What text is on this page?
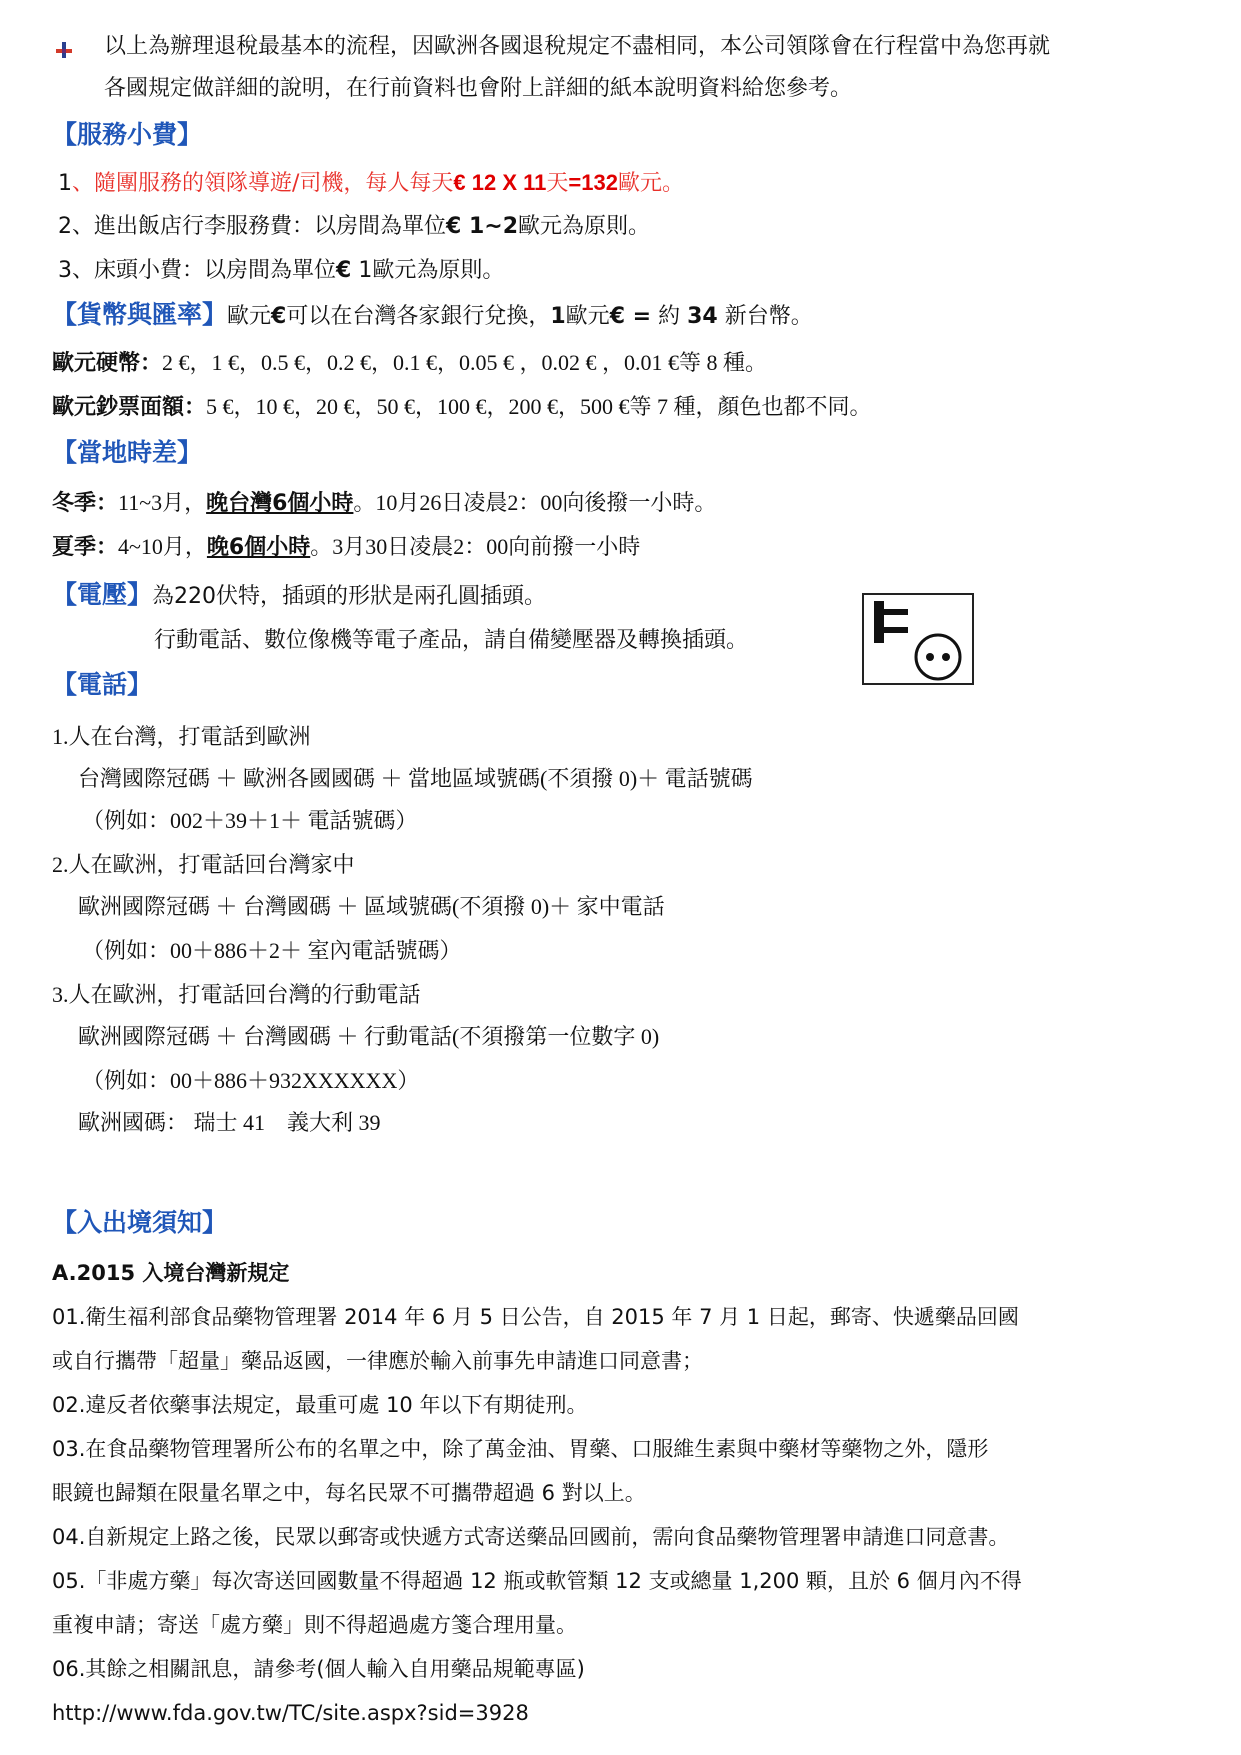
以上為辦理退稅最基本的流程，因歐洲各國退稅規定不盡相同，本公司領隊會在行程當中為您再就
各國規定做詳細的說明，在行前資料也會附上詳細的紙本說明資料給您參考。
【服務小費】
1、隨團服務的領隊導遊/司機，每人每天€ 12 X 11天=132歐元。
2、進出飯店行李服務費：以房間為單位€ 1~2歐元為原則。
3、床頭小費：以房間為單位€ 1歐元為原則。
【貨幣與匯率】歐元€可以在台灣各家銀行兌換，1歐元€ = 約 34 新台幣。
歐元硬幣：2 €，1 €，0.5 €，0.2 €，0.1 €，0.05 € ，0.02 € ，0.01 €等 8 種。
歐元鈔票面額：5 €，10 €，20 €，50 €，100 €，200 €，500 €等 7 種，顏色也都不同。
【當地時差】
冬季：11~3月，晚台灣6個小時。10月26日凌晨2：00向後撥一小時。
夏季：4~10月，晚6個小時。3月30日凌晨2：00向前撥一小時
【電壓】為220伏特，插頭的形狀是兩孔圓插頭。
行動電話、數位像機等電子產品，請自備變壓器及轉換插頭。
【電話】
1.人在台灣，打電話到歐洲
台灣國際冠碼 ＋ 歐洲各國國碼 ＋ 當地區域號碼(不須撥 0)＋ 電話號碼
（例如：002＋39＋1＋ 電話號碼）
2.人在歐洲，打電話回台灣家中
歐洲國際冠碼 ＋ 台灣國碼 ＋ 區域號碼(不須撥 0)＋ 家中電話
（例如：00＋886＋2＋ 室內電話號碼）
3.人在歐洲，打電話回台灣的行動電話
歐洲國際冠碼 ＋ 台灣國碼 ＋ 行動電話(不須撥第一位數字 0)
（例如：00＋886＋932XXXXXX）
歐洲國碼： 瑞士 41　義大利 39
【入出境須知】
A.2015 入境台灣新規定
01.衛生福利部食品藥物管理署 2014 年 6 月 5 日公告，自 2015 年 7 月 1 日起，郵寄、快遞藥品回國
或自行攜帶「超量」藥品返國，一律應於輸入前事先申請進口同意書；
02.違反者依藥事法規定，最重可處 10 年以下有期徒刑。
03.在食品藥物管理署所公布的名單之中，除了萬金油、胃藥、口服維生素與中藥材等藥物之外，隱形
眼鏡也歸類在限量名單之中，每名民眾不可攜帶超過 6 對以上。
04.自新規定上路之後，民眾以郵寄或快遞方式寄送藥品回國前，需向食品藥物管理署申請進口同意書。
05.「非處方藥」每次寄送回國數量不得超過 12 瓶或軟管類 12 支或總量 1,200 顆，且於 6 個月內不得
重複申請；寄送「處方藥」則不得超過處方箋合理用量。
06.其餘之相關訊息，請參考(個人輸入自用藥品規範專區)
http://www.fda.gov.tw/TC/site.aspx?sid=3928
